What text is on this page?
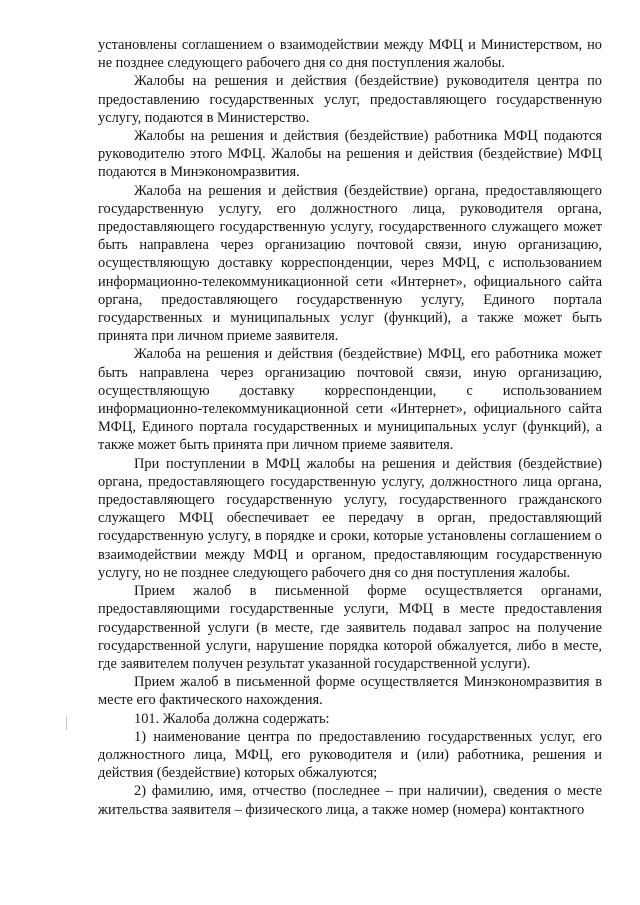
установлены соглашением о взаимодействии между МФЦ и Министерством, но не позднее следующего рабочего дня со дня поступления жалобы.

Жалобы на решения и действия (бездействие) руководителя центра по предоставлению государственных услуг, предоставляющего государственную услугу, подаются в Министерство.

Жалобы на решения и действия (бездействие) работника МФЦ подаются руководителю этого МФЦ. Жалобы на решения и действия (бездействие) МФЦ подаются в Минэкономразвития.

Жалоба на решения и действия (бездействие) органа, предоставляющего государственную услугу, его должностного лица, руководителя органа, предоставляющего государственную услугу, государственного служащего может быть направлена через организацию почтовой связи, иную организацию, осуществляющую доставку корреспонденции, через МФЦ, с использованием информационно-телекоммуникационной сети «Интернет», официального сайта органа, предоставляющего государственную услугу, Единого портала государственных и муниципальных услуг (функций), а также может быть принята при личном приеме заявителя.

Жалоба на решения и действия (бездействие) МФЦ, его работника может быть направлена через организацию почтовой связи, иную организацию, осуществляющую доставку корреспонденции, с использованием информационно-телекоммуникационной сети «Интернет», официального сайта МФЦ, Единого портала государственных и муниципальных услуг (функций), а также может быть принята при личном приеме заявителя.

При поступлении в МФЦ жалобы на решения и действия (бездействие) органа, предоставляющего государственную услугу, должностного лица органа, предоставляющего государственную услугу, государственного гражданского служащего МФЦ обеспечивает ее передачу в орган, предоставляющий государственную услугу, в порядке и сроки, которые установлены соглашением о взаимодействии между МФЦ и органом, предоставляющим государственную услугу, но не позднее следующего рабочего дня со дня поступления жалобы.

Прием жалоб в письменной форме осуществляется органами, предоставляющими государственные услуги, МФЦ в месте предоставления государственной услуги (в месте, где заявитель подавал запрос на получение государственной услуги, нарушение порядка которой обжалуется, либо в месте, где заявителем получен результат указанной государственной услуги).

Прием жалоб в письменной форме осуществляется Минэкономразвития в месте его фактического нахождения.

101. Жалоба должна содержать:

1) наименование центра по предоставлению государственных услуг, его должностного лица, МФЦ, его руководителя и (или) работника, решения и действия (бездействие) которых обжалуются;

2) фамилию, имя, отчество (последнее – при наличии), сведения о месте жительства заявителя – физического лица, а также номер (номера) контактного
